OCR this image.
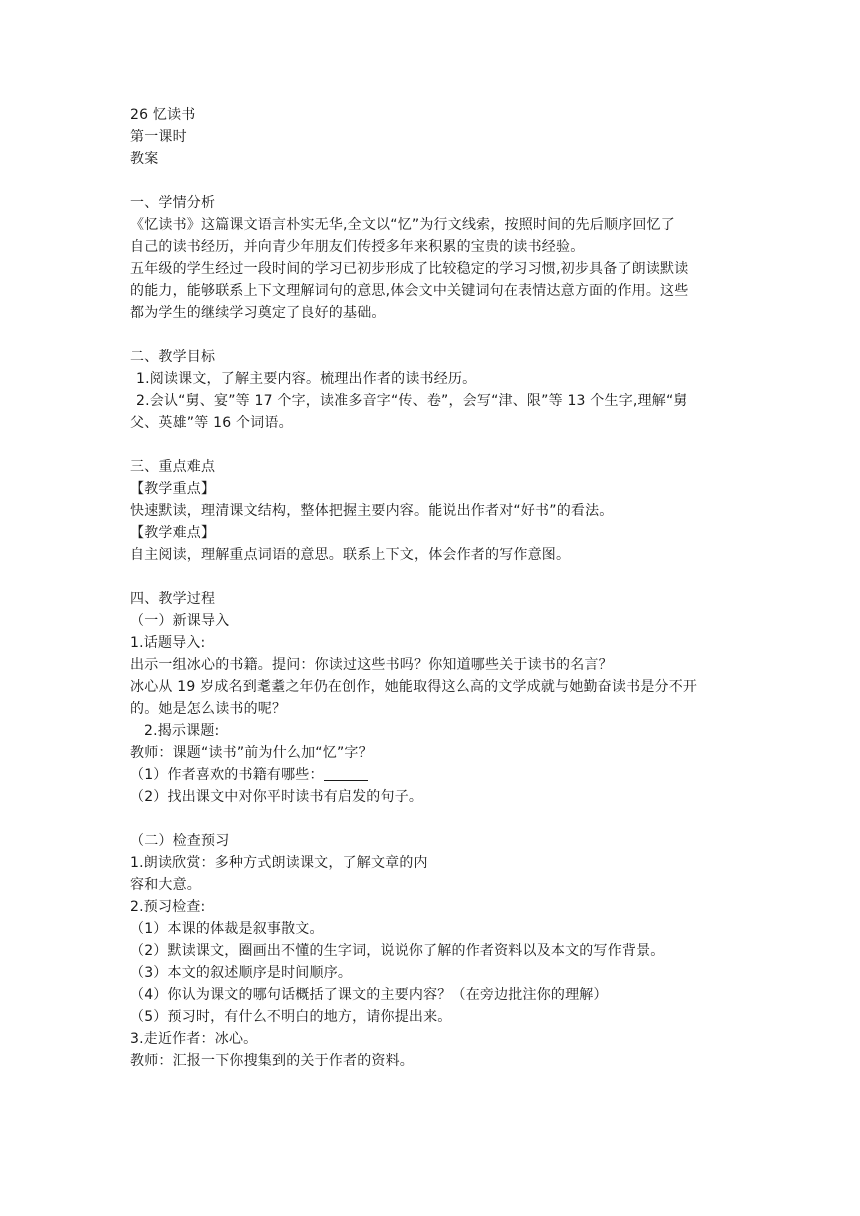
26 忆读书
第一课时
教案
一、学情分析
《忆读书》这篇课文语言朴实无华,全文以“忆”为行文线索，按照时间的先后顺序回忆了
自己的读书经历，并向青少年朋友们传授多年来积累的宝贵的读书经验。
五年级的学生经过一段时间的学习已初步形成了比较稳定的学习习惯,初步具备了朗读默读
的能力，能够联系上下文理解词句的意思,体会文中关键词句在表情达意方面的作用。这些
都为学生的继续学习奠定了良好的基础。
二、教学目标
1.阅读课文，了解主要内容。梳理出作者的读书经历。
2.会认“舅、宴”等 17 个字，读准多音字“传、卷”，会写“津、限”等 13 个生字,理解“舅
父、英雄”等 16 个词语。
三、重点难点
【教学重点】
快速默读，理清课文结构，整体把握主要内容。能说出作者对“好书”的看法。
【教学难点】
自主阅读，理解重点词语的意思。联系上下文，体会作者的写作意图。
四、教学过程
（一）新课导入
1.话题导入:
出示一组冰心的书籍。提问：你读过这些书吗？你知道哪些关于读书的名言？
冰心从 19 岁成名到耄耋之年仍在创作，她能取得这么高的文学成就与她勤奋读书是分不开
的。她是怎么读书的呢？
2.揭示课题:
教师：课题“读书”前为什么加“忆”字？
（1）作者喜欢的书籍有哪些：
（2）找出课文中对你平时读书有启发的句子。
（二）检查预习
1.朗读欣赏：多种方式朗读课文，了解文章的内
容和大意。
2.预习检查:
（1）本课的体裁是叙事散文。
（2）默读课文，圈画出不懂的生字词，说说你了解的作者资料以及本文的写作背景。
（3）本文的叙述顺序是时间顺序。
（4）你认为课文的哪句话概括了课文的主要内容？（在旁边批注你的理解）
（5）预习时，有什么不明白的地方，请你提出来。
3.走近作者：冰心。
教师：汇报一下你搜集到的关于作者的资料。
